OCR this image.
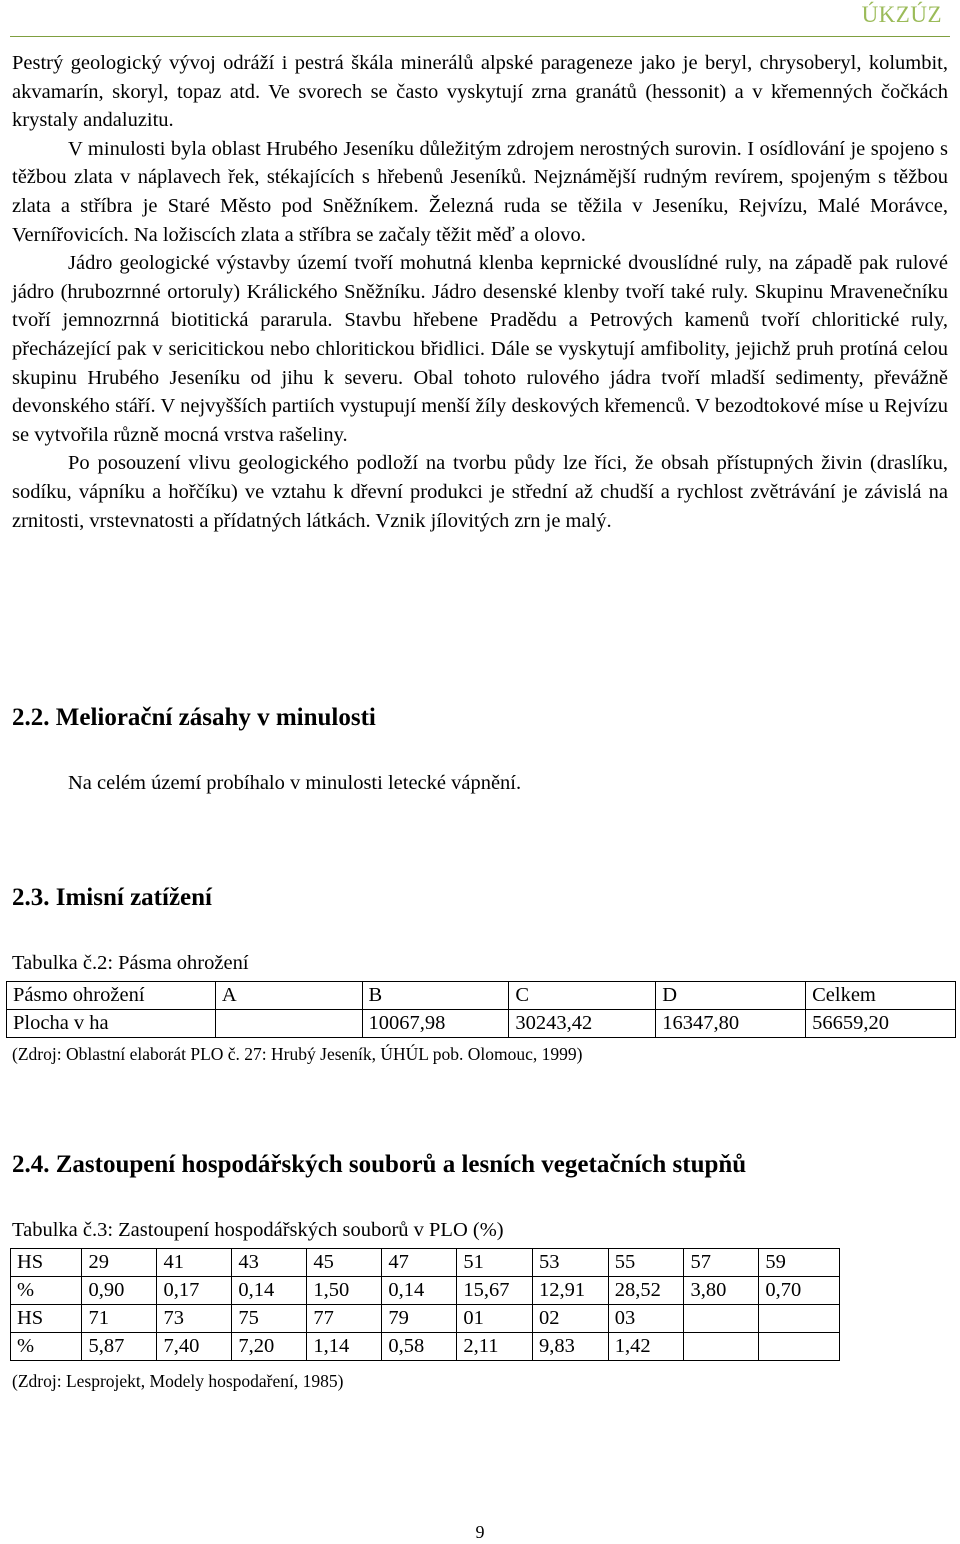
ÚKZÚZ

Pestrý geologický vývoj odráží i pestrá škála minerálů alpské parageneze jako je beryl, chrysoberyl, kolumbit, akvamarín, skoryl, topaz atd. Ve svorech se často vyskytují zrna granátů (hessonit) a v křemenných čočkách krystaly andaluzitu.

V minulosti byla oblast Hrubého Jeseníku důležitým zdrojem nerostných surovin. I osídlování je spojeno s těžbou zlata v náplavech řek, stékajících s hřebenů Jeseníků. Nejznámější rudným revírem, spojeným s těžbou zlata a stříbra je Staré Město pod Sněžníkem. Železná ruda se těžila v Jeseníku, Rejvízu, Malé Morávce, Vernířovicích. Na ložiscích zlata a stříbra se začaly těžit měď a olovo.

Jádro geologické výstavby území tvoří mohutná klenba keprnické dvouslídné ruly, na západě pak rulové jádro (hrubozrnné ortoruly) Králického Sněžníku. Jádro desenské klenby tvoří také ruly. Skupinu Mravenečníku tvoří jemnozrnná biotitická pararula. Stavbu hřebene Pradědu a Petrových kamenů tvoří chloritické ruly, přecházející pak v sericitickou nebo chloritickou břidlici. Dále se vyskytují amfibolity, jejichž pruh protíná celou skupinu Hrubého Jeseníku od jihu k severu. Obal tohoto rulového jádra tvoří mladší sedimenty, převážně devonského stáří. V nejvyšších partiích vystupují menší žíly deskových křemenců. V bezodtokové míse u Rejvízu se vytvořila různě mocná vrstva rašeliny.

Po posouzení vlivu geologického podloží na tvorbu půdy lze říci, že obsah přístupných živin (draslíku, sodíku, vápníku a hořčíku) ve vztahu k dřevní produkci je střední až chudší a rychlost zvětrávání je závislá na zrnitosti, vrstevnatosti a přídatných látkách. Vznik jílovitých zrn je malý.

2.2. Meliorační zásahy v minulosti
Na celém území probíhalo v minulosti letecké vápnění.
2.3. Imisní zatížení
Tabulka č.2: Pásma ohrožení
Pásmo ohrožení	A	B	C	D	Celkem
Plocha v ha		10067,98	30243,42	16347,80	56659,20
(Zdroj: Oblastní elaborát PLO č. 27: Hrubý Jeseník, ÚHÚL pob. Olomouc, 1999)
2.4. Zastoupení hospodářských souborů a lesních vegetačních stupňů
Tabulka č.3: Zastoupení hospodářských souborů v PLO (%)
HS	29	41	43	45	47	51	53	55	57	59
%	0,90	0,17	0,14	1,50	0,14	15,67	12,91	28,52	3,80	0,70
HS	71	73	75	77	79	01	02	03		
%	5,87	7,40	7,20	1,14	0,58	2,11	9,83	1,42		
(Zdroj: Lesprojekt, Modely hospodaření, 1985)
9
